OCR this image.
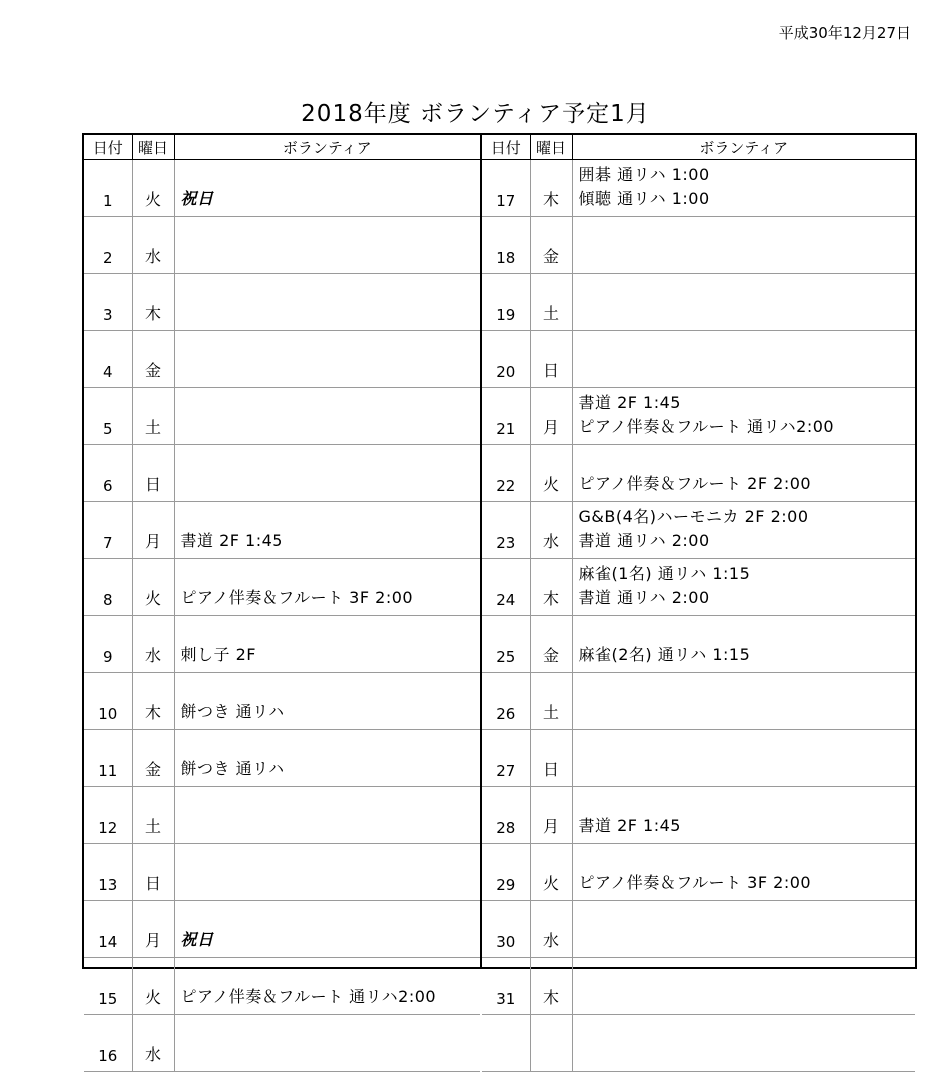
平成30年12月27日
2018年度 ボランティア予定1月
日付	曜日	ボランティア
1	火	祝日

2	水	
3	木	
4	金	
5	土	
6	日	
7	月	書道 2F 1:45

8	火	ピアノ伴奏＆フルート 3F 2:00

9	水	刺し子 2F

10	木	餅つき 通リハ

11	金	餅つき 通リハ

12	土	
13	日	
14	月	祝日

15	火	ピアノ伴奏＆フルート 通リハ2:00

16	水	
日付	曜日	ボランティア
17	木	囲碁 通リハ 1:00
傾聴 通リハ 1:00

18	金	
19	土	
20	日	
21	月	書道 2F 1:45
ピアノ伴奏＆フルート 通リハ2:00

22	火	ピアノ伴奏＆フルート 2F 2:00

23	水	G&B(4名)ハーモニカ 2F 2:00
書道 通リハ 2:00

24	木	麻雀(1名) 通リハ 1:15
書道 通リハ 2:00

25	金	麻雀(2名) 通リハ 1:15

26	土	
27	日	
28	月	書道 2F 1:45

29	火	ピアノ伴奏＆フルート 3F 2:00

30	水	
31	木	
